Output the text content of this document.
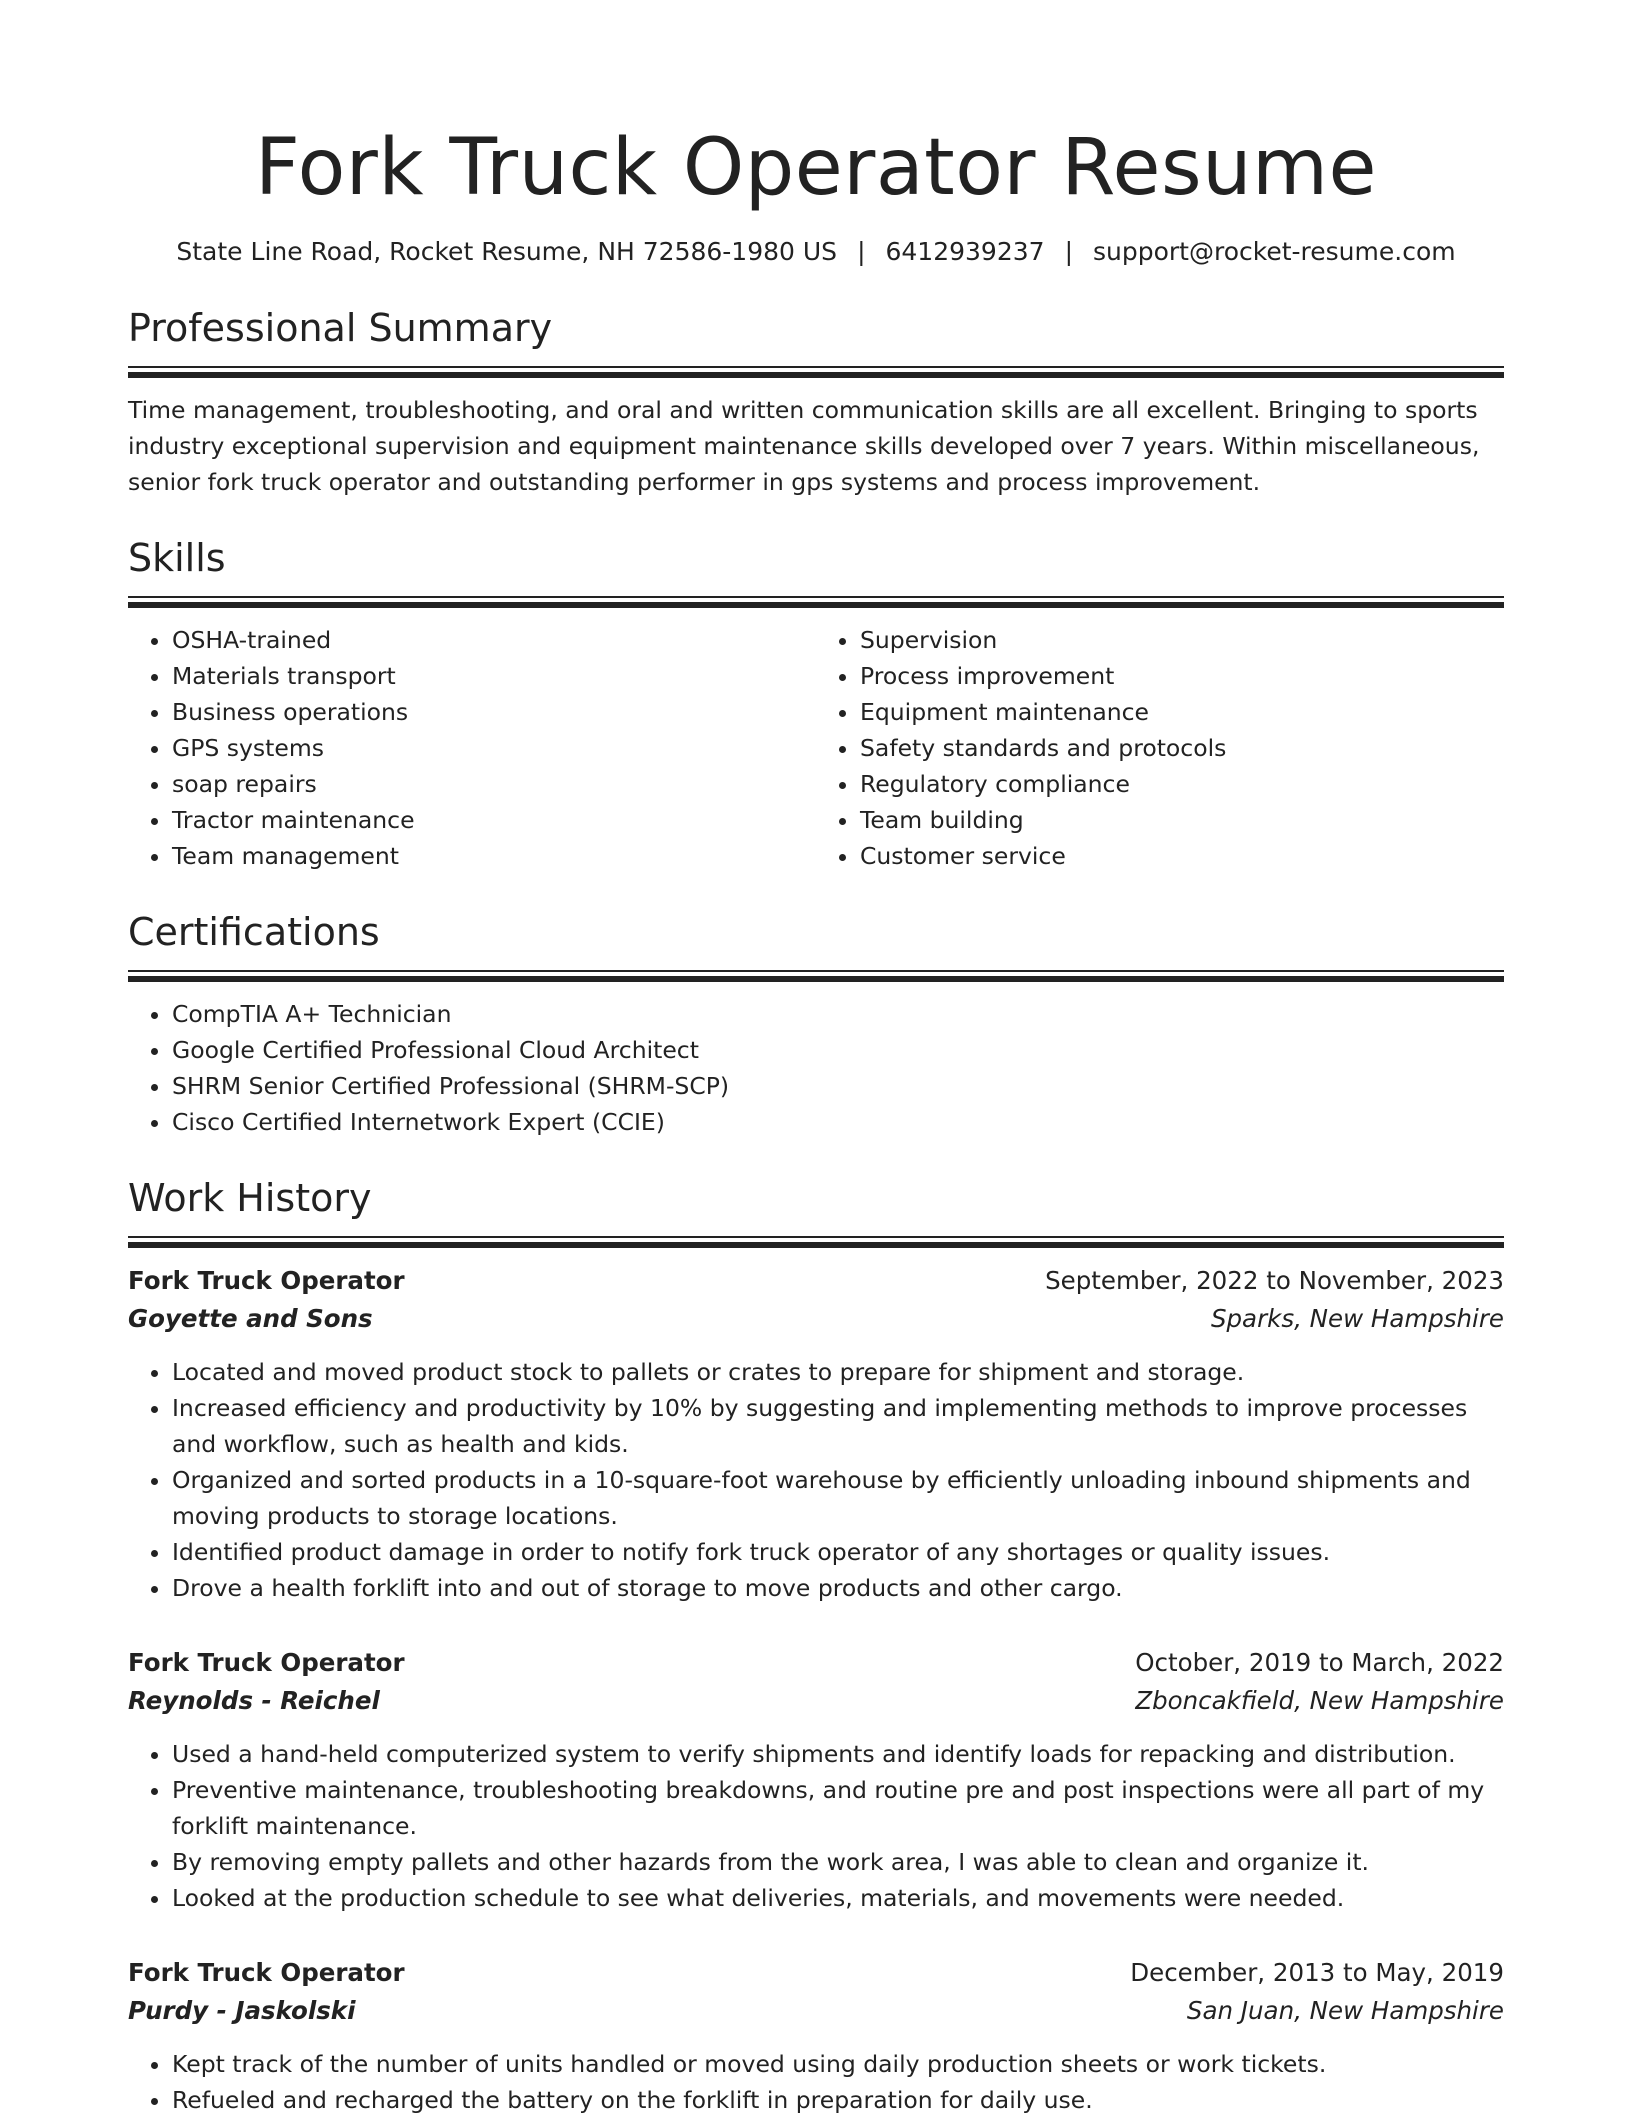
Fork Truck Operator Resume
State Line Road, Rocket Resume, NH 72586-1980 US | 6412939237 | support@rocket-resume.com
Professional Summary

Time management, troubleshooting, and oral and written communication skills are all excellent. Bringing to sports industry exceptional supervision and equipment maintenance skills developed over 7 years. Within miscellaneous, senior fork truck operator and outstanding performer in gps systems and process improvement.

Skills
• OSHA-trained
• Materials transport
• Business operations
• GPS systems
• soap repairs
• Tractor maintenance
• Team management
• Supervision
• Process improvement
• Equipment maintenance
• Safety standards and protocols
• Regulatory compliance
• Team building
• Customer service
Certifications
• CompTIA A+ Technician
• Google Certified Professional Cloud Architect
• SHRM Senior Certified Professional (SHRM-SCP)
• Cisco Certified Internetwork Expert (CCIE)
Work History
Fork Truck Operator	September, 2022 to November, 2023
Goyette and Sons	Sparks, New Hampshire
• Located and moved product stock to pallets or crates to prepare for shipment and storage.
• Increased efficiency and productivity by 10% by suggesting and implementing methods to improve processes and workflow, such as health and kids.
• Organized and sorted products in a 10-square-foot warehouse by efficiently unloading inbound shipments and moving products to storage locations.
• Identified product damage in order to notify fork truck operator of any shortages or quality issues.
• Drove a health forklift into and out of storage to move products and other cargo.
Fork Truck Operator	October, 2019 to March, 2022
Reynolds - Reichel	Zboncakfield, New Hampshire
• Used a hand-held computerized system to verify shipments and identify loads for repacking and distribution.
• Preventive maintenance, troubleshooting breakdowns, and routine pre and post inspections were all part of my forklift maintenance.
• By removing empty pallets and other hazards from the work area, I was able to clean and organize it.
• Looked at the production schedule to see what deliveries, materials, and movements were needed.
Fork Truck Operator	December, 2013 to May, 2019
Purdy - Jaskolski	San Juan, New Hampshire
• Kept track of the number of units handled or moved using daily production sheets or work tickets.
• Refueled and recharged the battery on the forklift in preparation for daily use.
